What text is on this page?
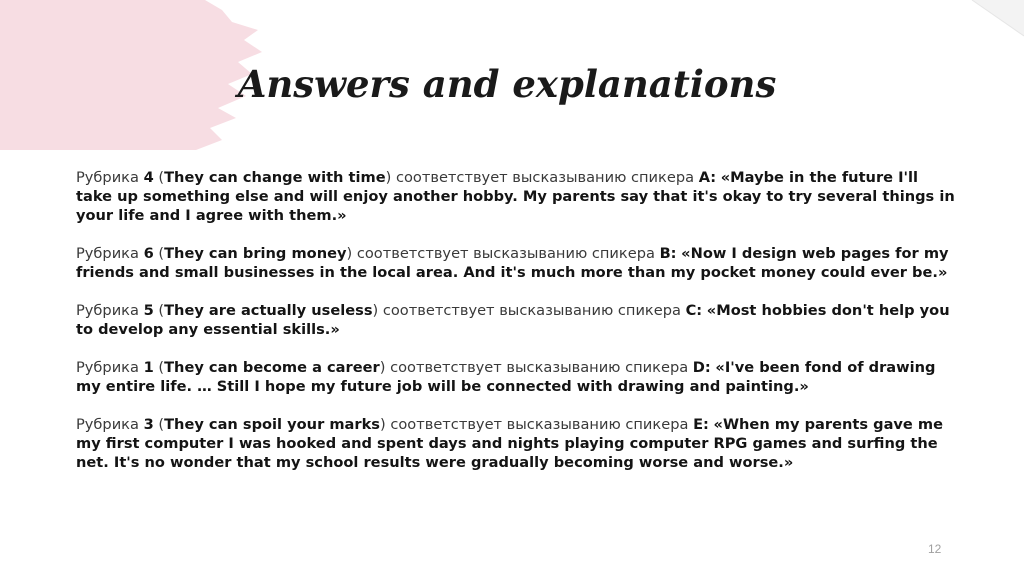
Answers and explanations

Рубрика 4 (They can change with time) соответствует высказыванию спикера A: «Maybe in the future I'll take up something else and will enjoy another hobby. My parents say that it's okay to try several things in your life and I agree with them.»

Рубрика 6 (They can bring money) соответствует высказыванию спикера B: «Now I design web pages for my friends and small businesses in the local area. And it's much more than my pocket money could ever be.»

Рубрика 5 (They are actually useless) соответствует высказыванию спикера C: «Most hobbies don't help you to develop any essential skills.»

Рубрика 1 (They can become a career) соответствует высказыванию спикера D: «I've been fond of drawing my entire life. … Still I hope my future job will be connected with drawing and painting.»

Рубрика 3 (They can spoil your marks) соответствует высказыванию спикера E: «When my parents gave me my first computer I was hooked and spent days and nights playing computer RPG games and surfing the net. It's no wonder that my school results were gradually becoming worse and worse.»

12
